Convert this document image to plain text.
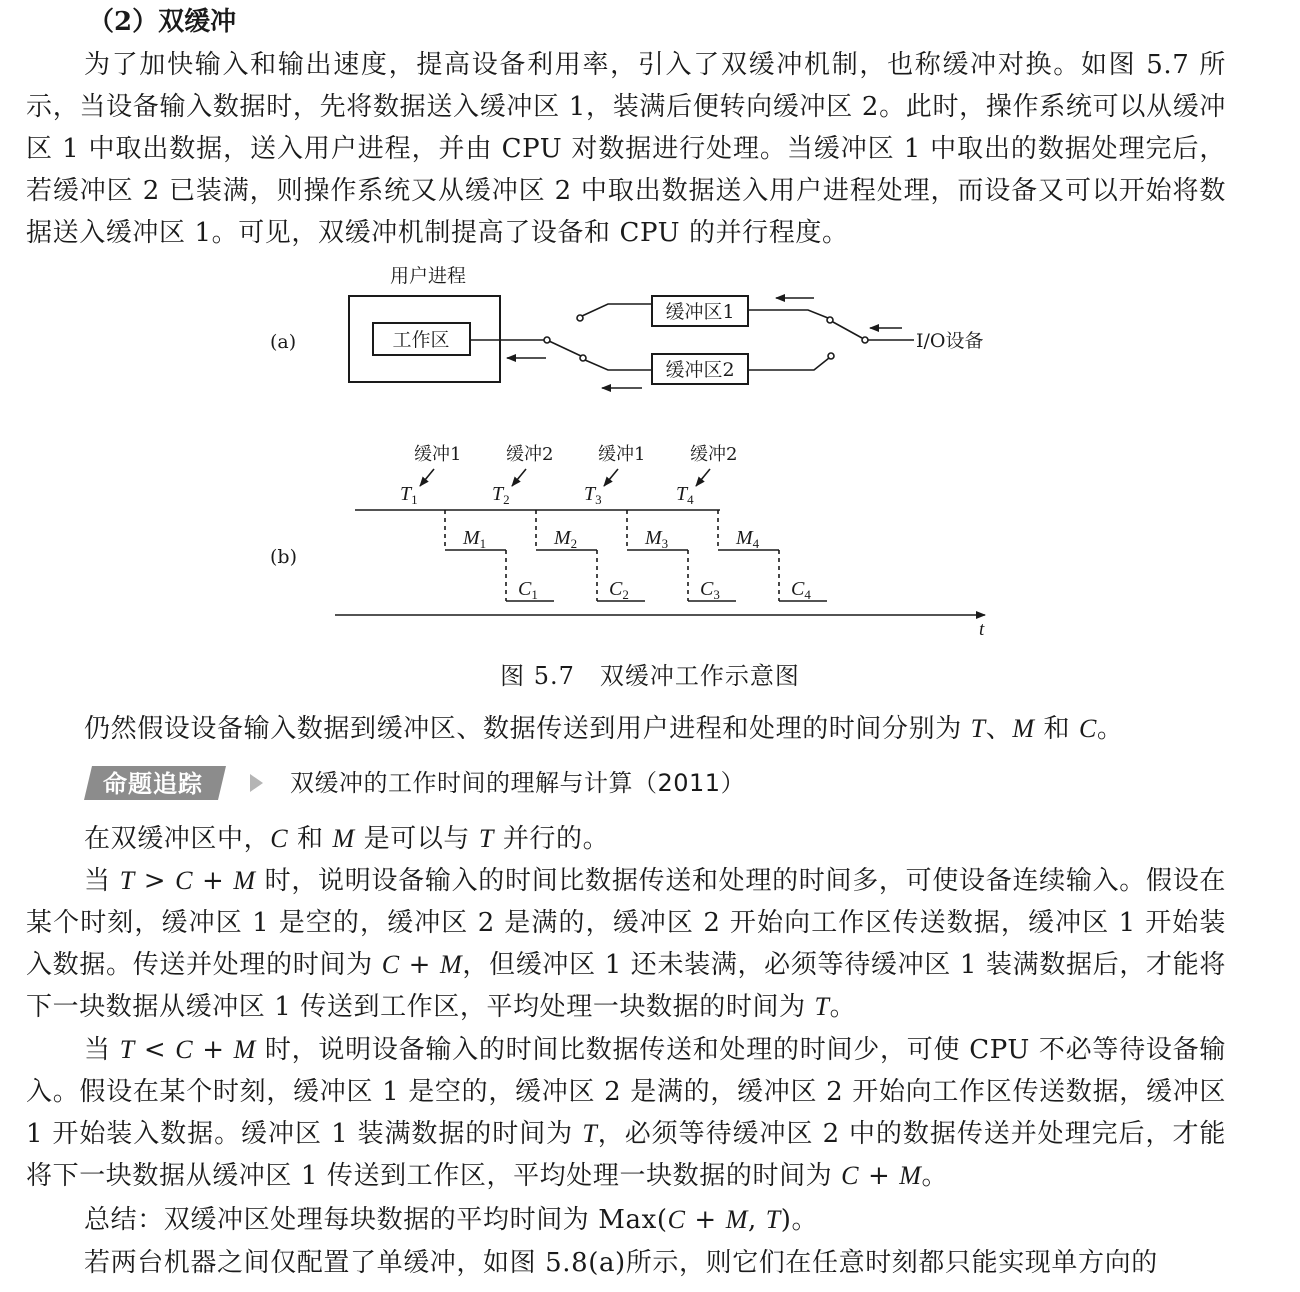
（2）双缓冲

为了加快输入和输出速度，提高设备利用率，引入了双缓冲机制，也称缓冲对换。如图 5.7 所示，当设备输入数据时，先将数据送入缓冲区 1，装满后便转向缓冲区 2。此时，操作系统可以从缓冲区 1 中取出数据，送入用户进程，并由 CPU 对数据进行处理。当缓冲区 1 中取出的数据处理完后，若缓冲区 2 已装满，则操作系统又从缓冲区 2 中取出数据送入用户进程处理，而设备又可以开始将数据送入缓冲区 1。可见，双缓冲机制提高了设备和 CPU 的并行程度。

(a)
用户进程
工作区
缓冲区1
缓冲区2
I/O设备
(b)
t
缓冲1
$T_1$
$M_1$
$C_1$
缓冲2
$T_2$
$M_2$
$C_2$
缓冲1
$T_3$
$M_3$
$C_3$
缓冲2
$T_4$
$M_4$
$C_4$
图 5.7　双缓冲工作示意图

仍然假设设备输入数据到缓冲区、数据传送到用户进程和处理的时间分别为 T、M 和 C。

命题追踪	双缓冲的工作时间的理解与计算（2011）

在双缓冲区中，C 和 M 是可以与 T 并行的。

当 T > C + M 时，说明设备输入的时间比数据传送和处理的时间多，可使设备连续输入。假设在某个时刻，缓冲区 1 是空的，缓冲区 2 是满的，缓冲区 2 开始向工作区传送数据，缓冲区 1 开始装入数据。传送并处理的时间为 C + M，但缓冲区 1 还未装满，必须等待缓冲区 1 装满数据后，才能将下一块数据从缓冲区 1 传送到工作区，平均处理一块数据的时间为 T。

当 T < C + M 时，说明设备输入的时间比数据传送和处理的时间少，可使 CPU 不必等待设备输入。假设在某个时刻，缓冲区 1 是空的，缓冲区 2 是满的，缓冲区 2 开始向工作区传送数据，缓冲区 1 开始装入数据。缓冲区 1 装满数据的时间为 T，必须等待缓冲区 2 中的数据传送并处理完后，才能将下一块数据从缓冲区 1 传送到工作区，平均处理一块数据的时间为 C + M。

总结：双缓冲区处理每块数据的平均时间为 Max(C + M, T)。

若两台机器之间仅配置了单缓冲，如图 5.8(a)所示，则它们在任意时刻都只能实现单方向的
